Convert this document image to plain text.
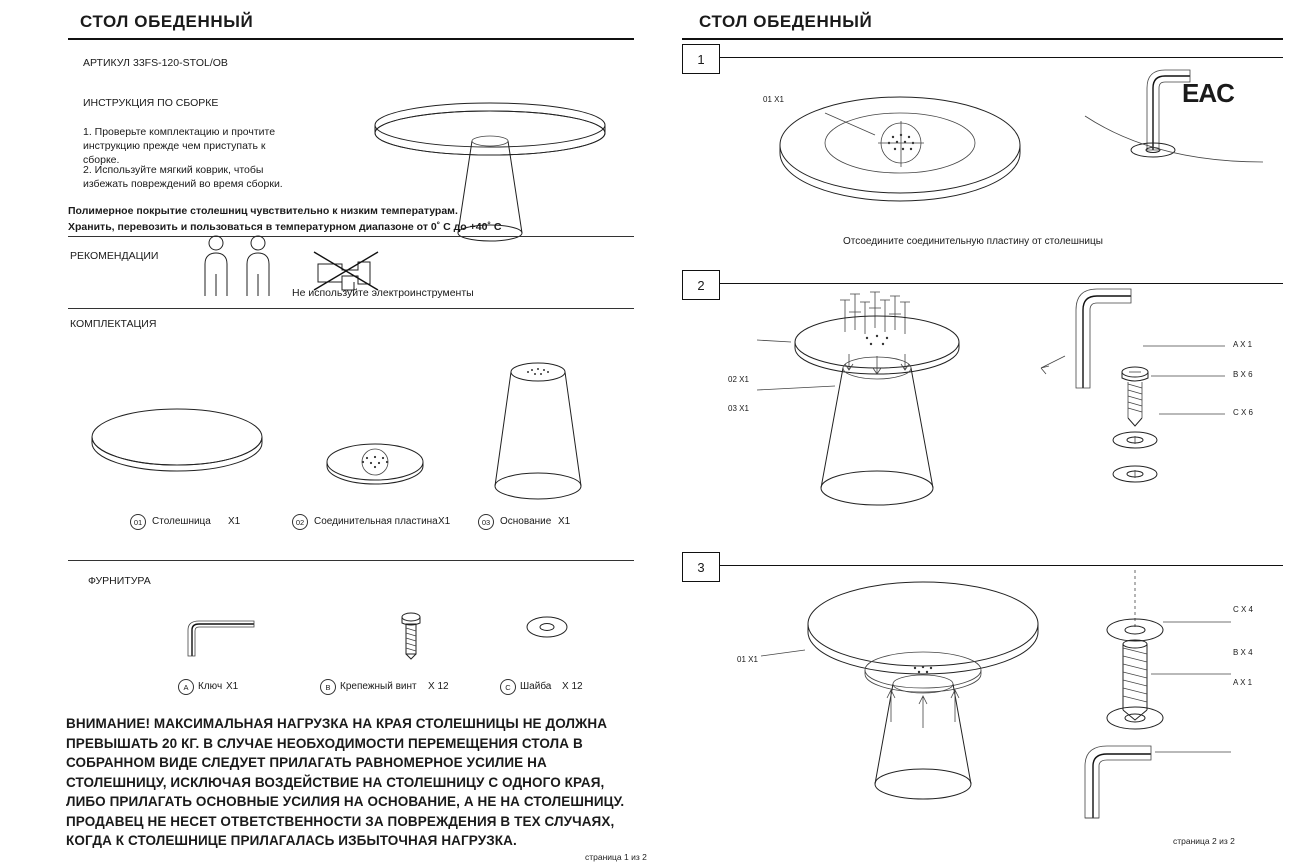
СТОЛ ОБЕДЕННЫЙ
АРТИКУЛ 33FS-120-STOL/OB
ИНСТРУКЦИЯ ПО СБОРКЕ
1. Проверьте комплектацию и прочтите инструкцию прежде чем приступать к сборке.
2. Используйте мягкий коврик, чтобы избежать повреждений во время сборки.
Полимерное покрытие столешниц чувствительно к низким температурам.
Хранить, перевозить и пользоваться в температурном диапазоне от 0˚ С до +40˚ С
РЕКОМЕНДАЦИИ
Не используйте электроинструменты
КОМПЛЕКТАЦИЯ
01 Столешница X1	02 Соединительная пластина X1	03 Основание X1
ФУРНИТУРА
A Ключ X1	B Крепежный винт X 12	C Шайба X 12
ВНИМАНИЕ! МАКСИМАЛЬНАЯ НАГРУЗКА НА КРАЯ СТОЛЕШНИЦЫ НЕ ДОЛЖНА ПРЕВЫШАТЬ 20 КГ. В СЛУЧАЕ НЕОБХОДИМОСТИ ПЕРЕМЕЩЕНИЯ СТОЛА В СОБРАННОМ ВИДЕ СЛЕДУЕТ ПРИЛАГАТЬ РАВНОМЕРНОЕ УСИЛИЕ НА СТОЛЕШНИЦУ, ИСКЛЮЧАЯ ВОЗДЕЙСТВИЕ НА СТОЛЕШНИЦУ С ОДНОГО КРАЯ, ЛИБО ПРИЛАГАТЬ ОСНОВНЫЕ УСИЛИЯ НА ОСНОВАНИЕ, А НЕ НА СТОЛЕШНИЦУ. ПРОДАВЕЦ НЕ НЕСЕТ ОТВЕТСТВЕННОСТИ ЗА ПОВРЕЖДЕНИЯ В ТЕХ СЛУЧАЯХ, КОГДА К СТОЛЕШНИЦЕ ПРИЛАГАЛАСЬ ИЗБЫТОЧНАЯ НАГРУЗКА.
страница 1 из 2
СТОЛ ОБЕДЕННЫЙ
EAC
1
01 X1
Отсоедините соединительную пластину от столешницы
2
02 X1
03 X1
A X 1
B X 6
C X 6
3
01 X1
C X 4
B X 4
A X 1
страница 2 из 2
